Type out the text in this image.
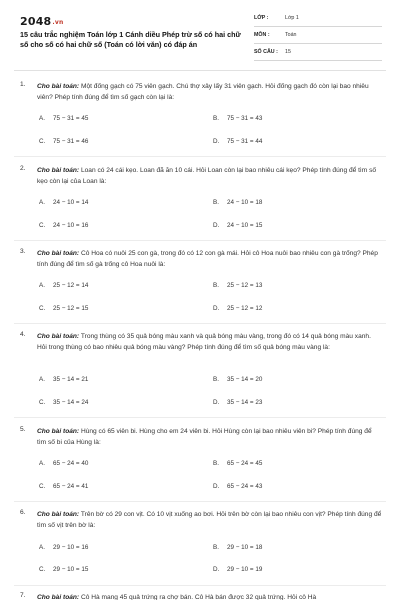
2048.vn
15 câu trắc nghiệm Toán lớp 1 Cánh diều Phép trừ số có hai chữ số cho số có hai chữ số (Toán có lời văn) có đáp án
LỚP :	Lớp 1
MÔN :	Toán
SỐ CÂU : 15
1. Cho bài toán: Một đống gạch có 75 viên gạch. Chú thợ xây lấy 31 viên gạch. Hỏi đống gạch đó còn lại bao nhiêu viên? Phép tính đúng để tìm số gạch còn lại là:
A. 75 − 31 = 45	B. 75 − 31 = 43
C. 75 − 31 = 46	D. 75 − 31 = 44
2. Cho bài toán: Loan có 24 cái kẹo. Loan đã ăn 10 cái. Hỏi Loan còn lại bao nhiêu cái kẹo? Phép tính đúng để tìm số kẹo còn lại của Loan là:
A. 24 − 10 = 14	B. 24 − 10 = 18
C. 24 − 10 = 16	D. 24 − 10 = 15
3. Cho bài toán: Cô Hoa có nuôi 25 con gà, trong đó có 12 con gà mái. Hỏi cô Hoa nuôi bao nhiêu con gà trống? Phép tính đúng để tìm số gà trống cô Hoa nuôi là:
A. 25 − 12 = 14	B. 25 − 12 = 13
C. 25 − 12 = 15	D. 25 − 12 = 12
4. Cho bài toán: Trong thùng có 35 quả bóng màu xanh và quả bóng màu vàng, trong đó có 14 quả bóng màu xanh. Hỏi trong thùng có bao nhiêu quả bóng màu vàng? Phép tính đúng để tìm số quả bóng màu vàng là:
A. 35 − 14 = 21	B. 35 − 14 = 20
C. 35 − 14 = 24	D. 35 − 14 = 23
5. Cho bài toán: Hùng có 65 viên bi. Hùng cho em 24 viên bi. Hỏi Hùng còn lại bao nhiêu viên bi? Phép tính đúng để tìm số bi của Hùng là:
A. 65 − 24 = 40	B. 65 − 24 = 45
C. 65 − 24 = 41	D. 65 − 24 = 43
6. Cho bài toán: Trên bờ có 29 con vịt. Có 10 vịt xuống ao bơi. Hỏi trên bờ còn lại bao nhiêu con vịt? Phép tính đúng để tìm số vịt trên bờ là:
A. 29 − 10 = 16	B. 29 − 10 = 18
C. 29 − 10 = 15	D. 29 − 10 = 19
7. Cho bài toán: Cô Hà mang 45 quả trứng ra chợ bán. Cô Hà bán được 32 quả trứng. Hỏi cô Hà
